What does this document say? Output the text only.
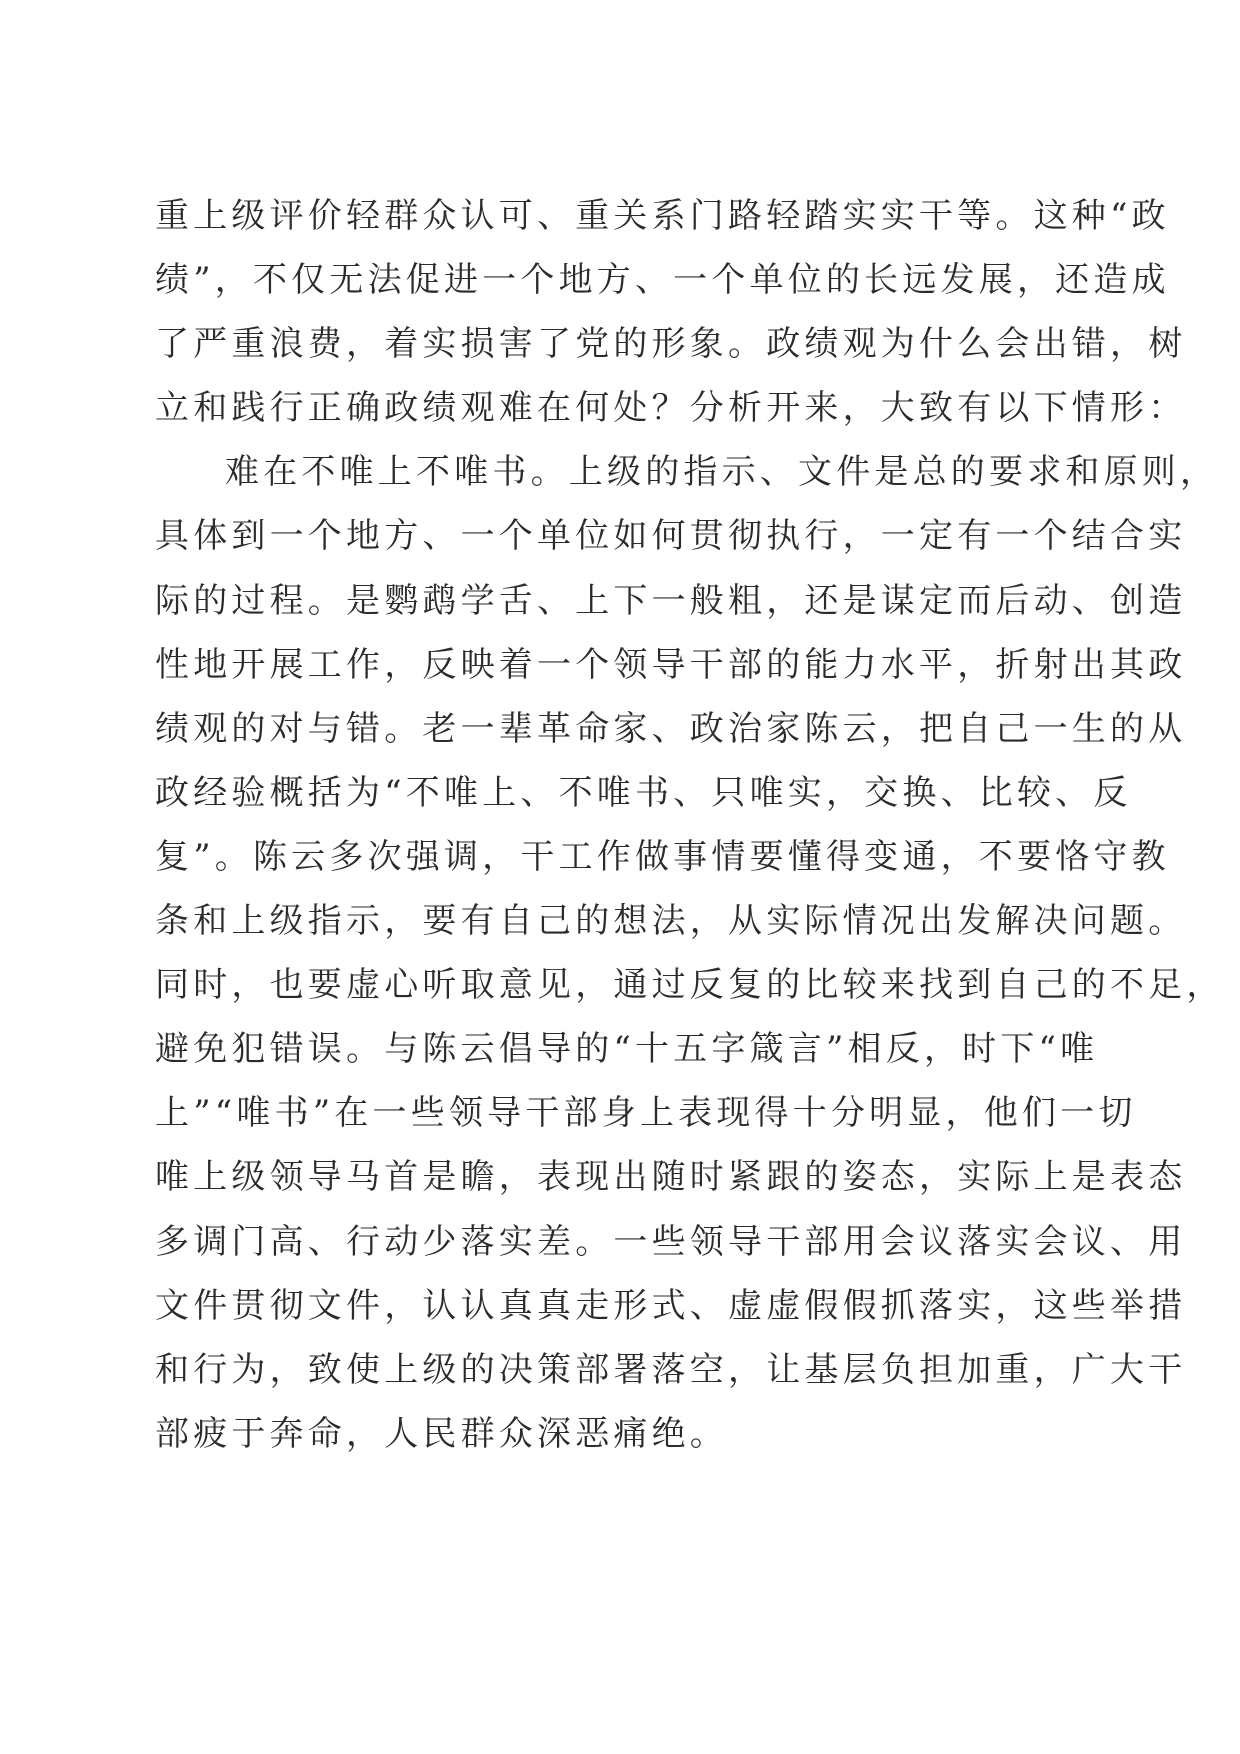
重上级评价轻群众认可、重关系门路轻踏实实干等。这种“政
绩”，不仅无法促进一个地方、一个单位的长远发展，还造成
了严重浪费，着实损害了党的形象。政绩观为什么会出错，树
立和践行正确政绩观难在何处？分析开来，大致有以下情形：
难在不唯上不唯书。上级的指示、文件是总的要求和原则，
具体到一个地方、一个单位如何贯彻执行，一定有一个结合实
际的过程。是鹦鹉学舌、上下一般粗，还是谋定而后动、创造
性地开展工作，反映着一个领导干部的能力水平，折射出其政
绩观的对与错。老一辈革命家、政治家陈云，把自己一生的从
政经验概括为“不唯上、不唯书、只唯实，交换、比较、反
复”。陈云多次强调，干工作做事情要懂得变通，不要恪守教
条和上级指示，要有自己的想法，从实际情况出发解决问题。
同时，也要虚心听取意见，通过反复的比较来找到自己的不足，
避免犯错误。与陈云倡导的“十五字箴言”相反，时下“唯
上”“唯书”在一些领导干部身上表现得十分明显，他们一切
唯上级领导马首是瞻，表现出随时紧跟的姿态，实际上是表态
多调门高、行动少落实差。一些领导干部用会议落实会议、用
文件贯彻文件，认认真真走形式、虚虚假假抓落实，这些举措
和行为，致使上级的决策部署落空，让基层负担加重，广大干
部疲于奔命，人民群众深恶痛绝。
